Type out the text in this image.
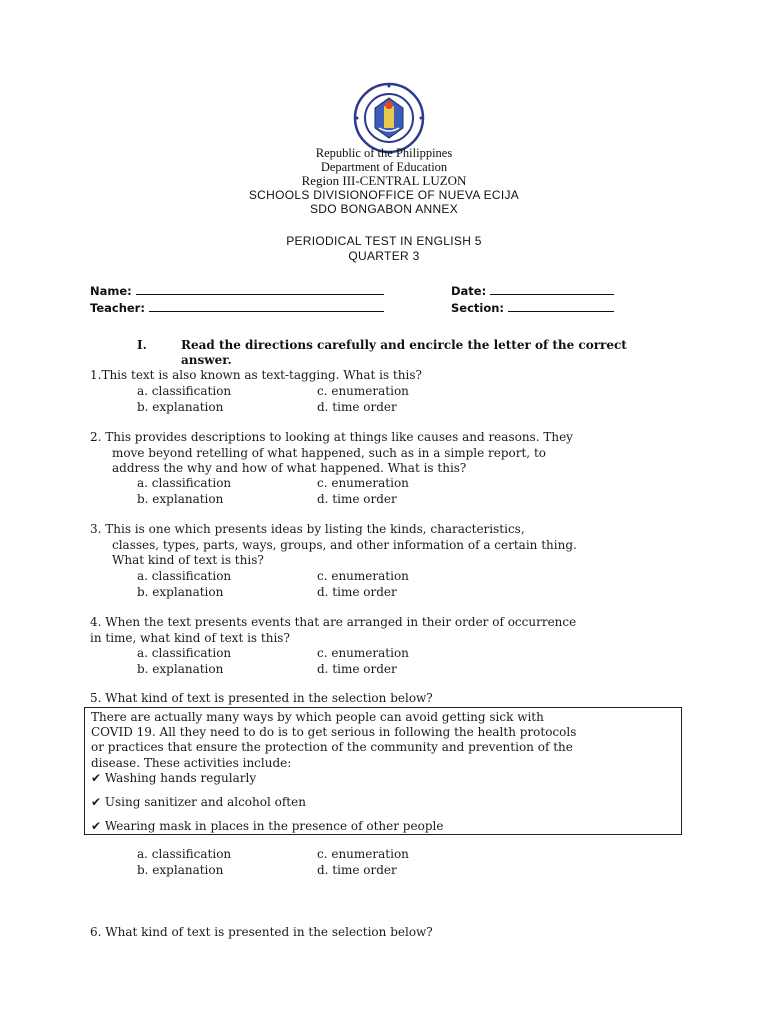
Republic of the Philippines
Department of Education
Region III-CENTRAL LUZON
SCHOOLS DIVISIONOFFICE OF NUEVA ECIJA
SDO BONGABON ANNEX
PERIODICAL TEST IN ENGLISH 5
QUARTER 3
Name:	Date:
Teacher:	Section:
I.	Read the directions carefully and encircle the letter of the correct answer.
1.This text is also known as text-tagging. What is this?
a. classification	c. enumeration
b. explanation	d. time order
2. This provides descriptions to looking at things like causes and reasons. They
move beyond retelling of what happened, such as in a simple report, to
address the why and how of what happened. What is this?
a. classification	c. enumeration
b. explanation	d. time order
3. This is one which presents ideas by listing the kinds, characteristics,
classes, types, parts, ways, groups, and other information of a certain thing.
What kind of text is this?
a. classification	c. enumeration
b. explanation	d. time order
4. When the text presents events that are arranged in their order of occurrence
in time, what kind of text is this?
a. classification	c. enumeration
b. explanation	d. time order
5. What kind of text is presented in the selection below?
There are actually many ways by which people can avoid getting sick with
COVID 19. All they need to do is to get serious in following the health protocols
or practices that ensure the protection of the community and prevention of the
disease. These activities include:
✔ Washing hands regularly
✔ Using sanitizer and alcohol often
✔ Wearing mask in places in the presence of other people
a. classification	c. enumeration
b. explanation	d. time order
6. What kind of text is presented in the selection below?
